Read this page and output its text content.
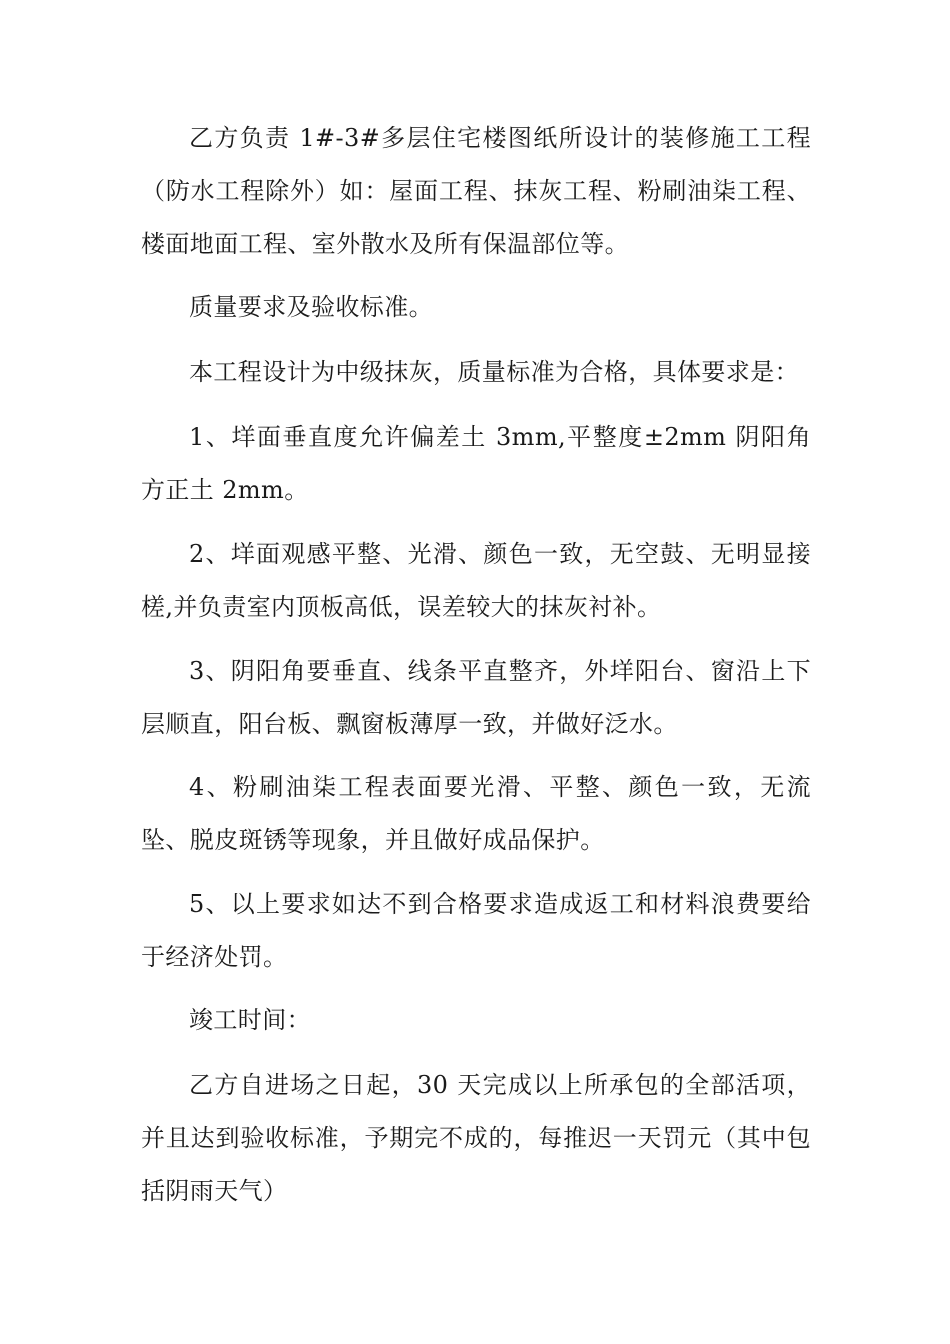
乙方负责 1#-3#多层住宅楼图纸所设计的装修施工工程（防水工程除外）如：屋面工程、抹灰工程、粉刷油柒工程、楼面地面工程、室外散水及所有保温部位等。

质量要求及验收标准。

本工程设计为中级抹灰，质量标准为合格，具体要求是：

1、垟面垂直度允许偏差土 3mm,平整度±2mm 阴阳角方正土 2mm。

2、垟面观感平整、光滑、颜色一致，无空鼓、无明显接槎,并负责室内顶板高低，误差较大的抹灰衬补。

3、阴阳角要垂直、线条平直整齐，外垟阳台、窗沿上下层顺直，阳台板、飘窗板薄厚一致，并做好泛水。

4、粉刷油柒工程表面要光滑、平整、颜色一致，无流坠、脱皮斑锈等现象，并且做好成品保护。

5、以上要求如达不到合格要求造成返工和材料浪费要给于经济处罚。

竣工时间：

乙方自进场之日起，30 天完成以上所承包的全部活项，并且达到验收标准，予期完不成的，每推迟一天罚元（其中包括阴雨天气）
